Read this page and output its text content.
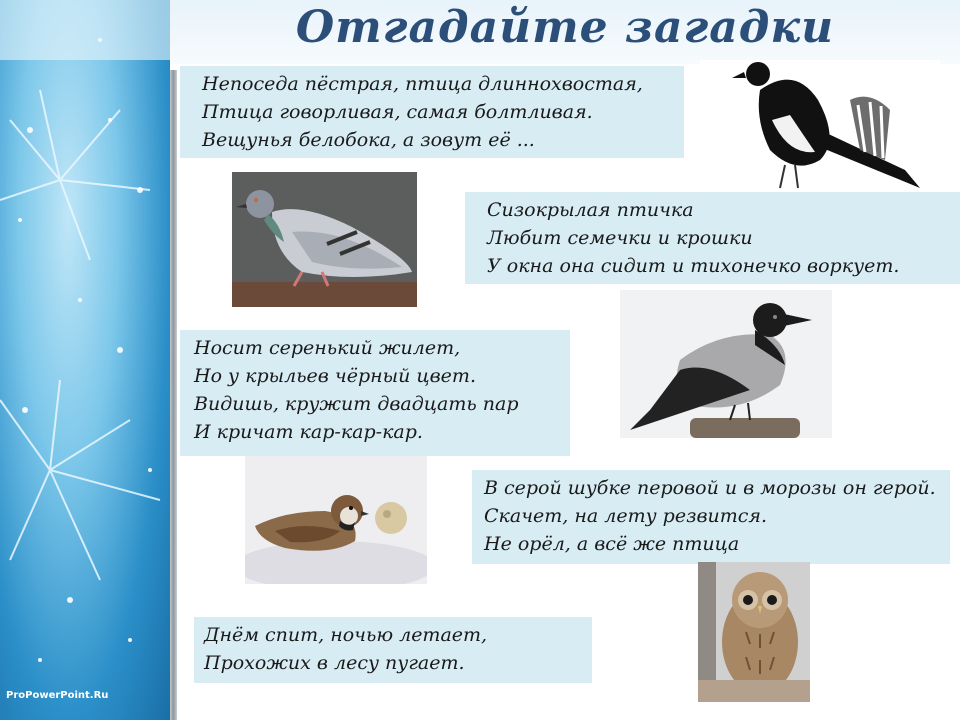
ProPowerPoint.Ru
Отгадайте загадки
Непоседа пёстрая, птица длиннохвостая,
Птица говорливая, самая болтливая.
Вещунья белобока, а зовут её ...
Сизокрылая птичка
Любит семечки и крошки
У окна она сидит и тихонечко воркует.
Носит серенький жилет,
Но у крыльев чёрный цвет.
Видишь, кружит двадцать пар
И кричат кар-кар-кар.
В серой шубке перовой и в морозы он герой.
Скачет, на лету резвится.
Не орёл, а всё же птица
Днём спит, ночью летает,
Прохожих в лесу пугает.
